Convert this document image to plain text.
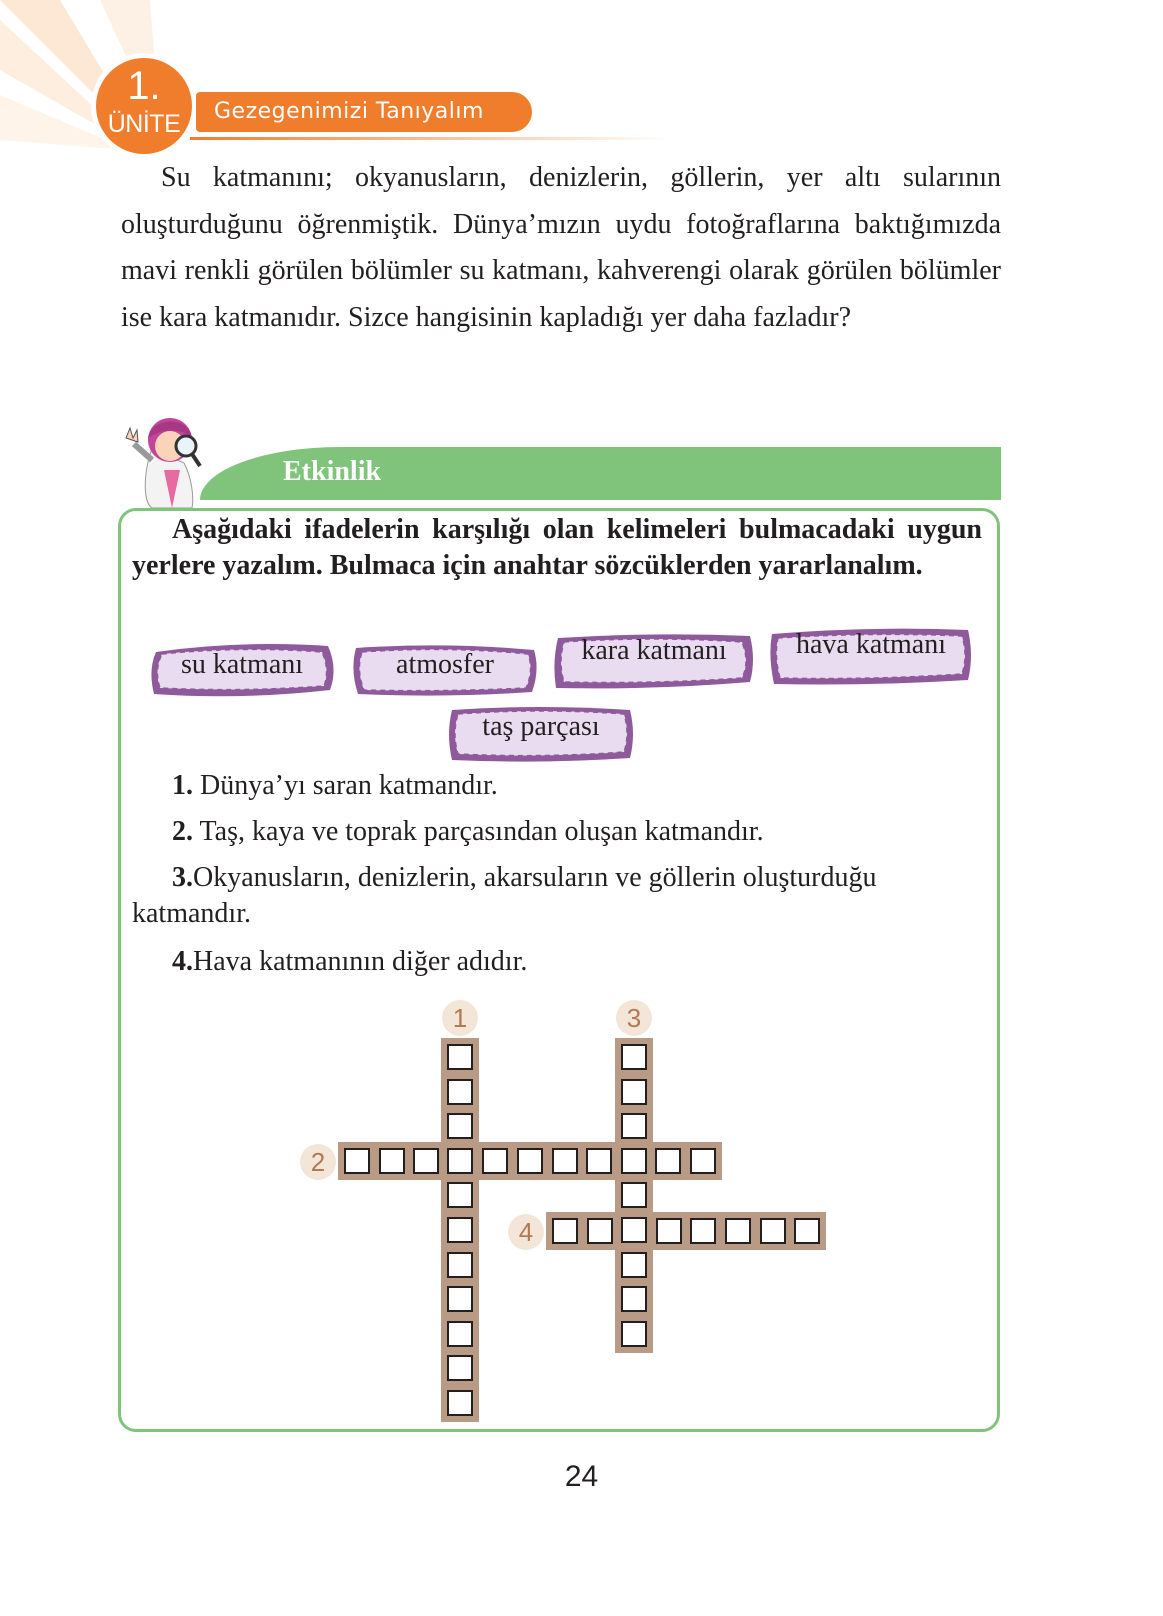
1.
ÜNİTE	Gezegenimizi Tanıyalım

Su katmanını; okyanusların, denizlerin, göllerin, yer altı sularının oluşturduğunu öğrenmiştik. Dünya’mızın uydu fotoğraflarına baktığımızda mavi renkli görülen bölümler su katmanı, kahverengi olarak görülen bölümler ise kara katmanıdır. Sizce hangisinin kapladığı yer daha fazladır?

Etkinlik

Aşağıdaki ifadelerin karşılığı olan kelimeleri bulmacadaki uygun yerlere yazalım. Bulmaca için anahtar sözcüklerden yararlanalım.

su katmanı	atmosfer	kara katmanı	hava katmanı
taş parçası

1. Dünya’yı saran katmandır.

2. Taş, kaya ve toprak parçasından oluşan katmandır.

3.Okyanusların, denizlerin, akarsuların ve göllerin oluşturduğu katmandır.

4.Hava katmanının diğer adıdır.

1
2
3
4
24
